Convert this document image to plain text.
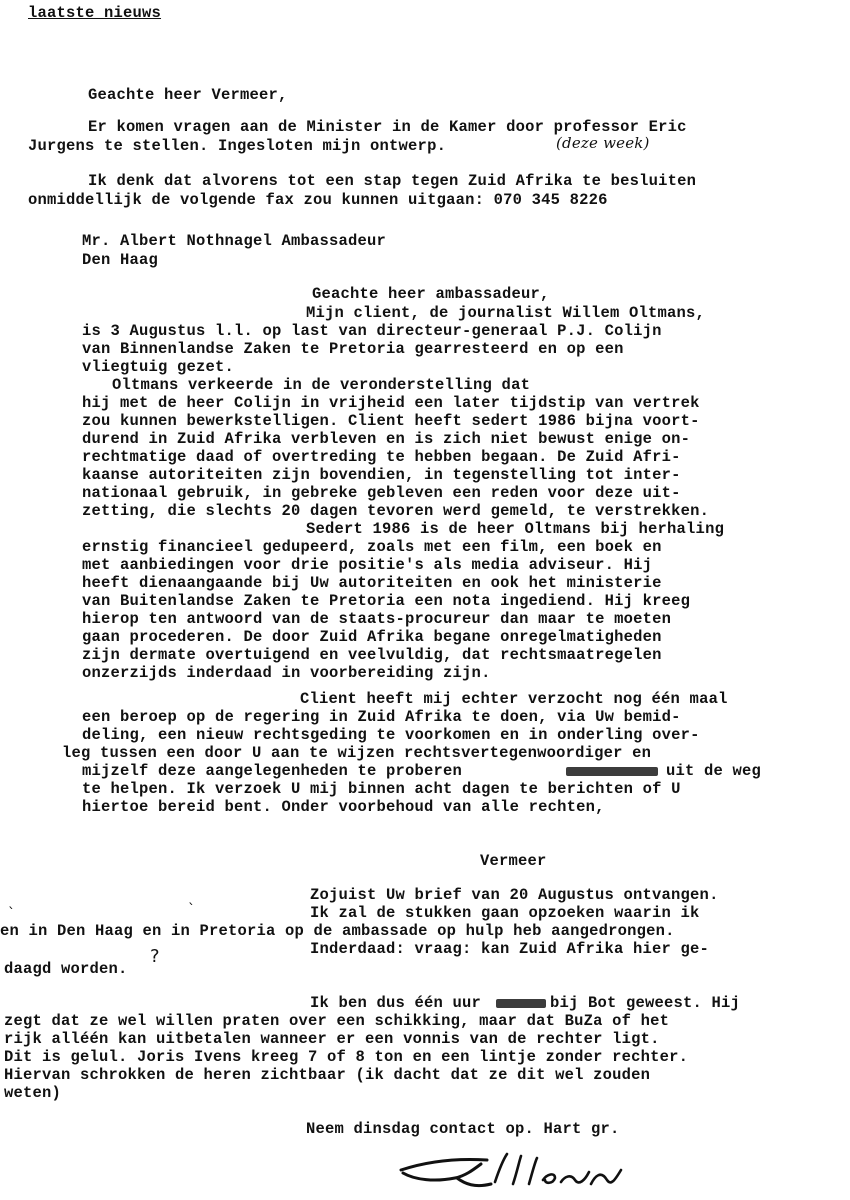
laatste nieuws
Geachte heer Vermeer,
Er komen vragen aan de Minister in de Kamer door professor Eric
Jurgens te stellen. Ingesloten mijn ontwerp.	(deze week)
Ik denk dat alvorens tot een stap tegen Zuid Afrika te besluiten
onmiddellijk de volgende fax zou kunnen uitgaan: 070 345 8226
Mr. Albert Nothnagel Ambassadeur
Den Haag
Geachte heer ambassadeur,
Mijn client, de journalist Willem Oltmans,
is 3 Augustus l.l. op last van directeur-generaal P.J. Colijn
van Binnenlandse Zaken te Pretoria gearresteerd en op een
vliegtuig gezet.
Oltmans verkeerde in de veronderstelling dat
hij met de heer Colijn in vrijheid een later tijdstip van vertrek
zou kunnen bewerkstelligen. Client heeft sedert 1986 bijna voort-
durend in Zuid Afrika verbleven en is zich niet bewust enige on-
rechtmatige daad of overtreding te hebben begaan. De Zuid Afri-
kaanse autoriteiten zijn bovendien, in tegenstelling tot inter-
nationaal gebruik, in gebreke gebleven een reden voor deze uit-
zetting, die slechts 20 dagen tevoren werd gemeld, te verstrekken.
Sedert 1986 is de heer Oltmans bij herhaling
ernstig financieel gedupeerd, zoals met een film, een boek en
met aanbiedingen voor drie positie's als media adviseur. Hij
heeft dienaangaande bij Uw autoriteiten en ook het ministerie
van Buitenlandse Zaken te Pretoria een nota ingediend. Hij kreeg
hierop ten antwoord van de staats-procureur dan maar te moeten
gaan procederen. De door Zuid Afrika begane onregelmatigheden
zijn dermate overtuigend en veelvuldig, dat rechtsmaatregelen
onzerzijds inderdaad in voorbereiding zijn.
Client heeft mij echter verzocht nog één maal
een beroep op de regering in Zuid Afrika te doen, via Uw bemid-
deling, een nieuw rechtsgeding te voorkomen en in onderling over-
leg tussen een door U aan te wijzen rechtsvertegenwoordiger en
mijzelf deze aangelegenheden te proberen	uit de weg
te helpen. Ik verzoek U mij binnen acht dagen te berichten of U
hiertoe bereid bent. Onder voorbehoud van alle rechten,
Vermeer
Zojuist Uw brief van 20 Augustus ontvangen.
Ik zal de stukken gaan opzoeken waarin ik
en in Den Haag en in Pretoria op de ambassade op hulp heb aangedrongen.
Inderdaad: vraag: kan Zuid Afrika hier ge-
daagd worden.
?
ˋ	ˋ
Ik ben dus één uur	bij Bot geweest. Hij
zegt dat ze wel willen praten over een schikking, maar dat BuZa of het
rijk alléén kan uitbetalen wanneer er een vonnis van de rechter ligt.
Dit is gelul. Joris Ivens kreeg 7 of 8 ton en een lintje zonder rechter.
Hiervan schrokken de heren zichtbaar (ik dacht dat ze dit wel zouden
weten)
Neem dinsdag contact op. Hart gr.
